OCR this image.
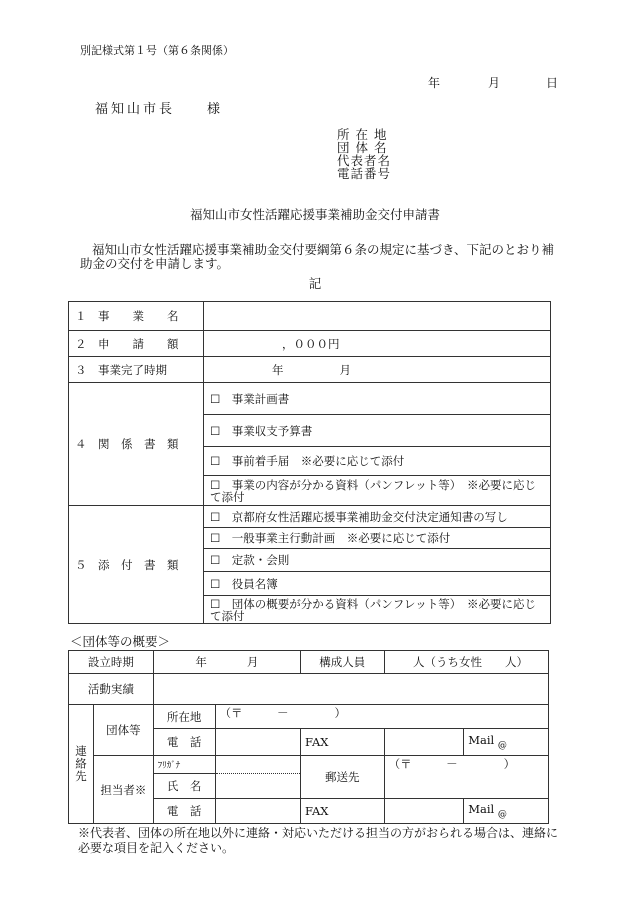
別記様式第１号（第６条関係）
年	月	日
福知山市長　　様
所 在 地
団 体 名
代表者名
電話番号
福知山市女性活躍応援事業補助金交付申請書
福知山市女性活躍応援事業補助金交付要綱第６条の規定に基づき、下記のとおり補助金の交付を申請します。
記
１　事　　業　　名	
２　申　　請　　額	，０００円
３　事業完了時期	年 月
４　関　係　書　類	☐　事業計画書
	☐　事業収支予算書
	☐　事前着手届　※必要に応じて添付
	☐　事業の内容が分かる資料（パンフレット等）　※必要に応じて添付
５　添　付　書　類	☐　京都府女性活躍応援事業補助金交付決定通知書の写し
	☐　一般事業主行動計画　※必要に応じて添付
	☐　定款・会則
	☐　役員名簿
	☐　団体の概要が分かる資料（パンフレット等）　※必要に応じて添付
＜団体等の概要＞
設立時期		年 月		構成人員	人（うち女性　　人）	
活動実績						
連絡先	団体等	所在地	（〒　　　－　　　　）			
		電　話		FAX		Mail $_@$
	担当者※	ﾌﾘｶﾞﾅ		郵送先	（〒　　　－　　　　）	
		氏　名				
		電　話		FAX		Mail $_@$
※代表者、団体の所在地以外に連絡・対応いただける担当の方がおられる場合は、連絡に必要な項目を記入ください。
